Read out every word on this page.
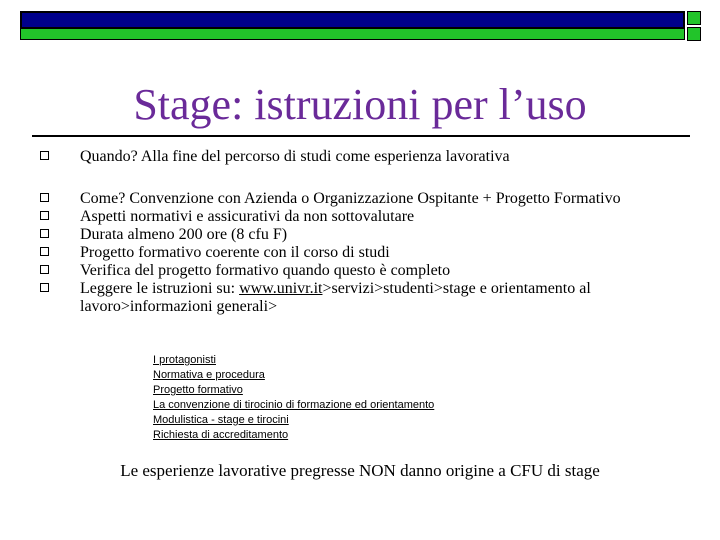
Stage: istruzioni per l’uso
Quando? Alla fine del percorso di studi come esperienza lavorativa
Come? Convenzione con Azienda o Organizzazione Ospitante + Progetto Formativo
Aspetti normativi e assicurativi da non sottovalutare
Durata almeno 200 ore (8 cfu F)
Progetto formativo coerente con il corso di studi
Verifica del progetto formativo quando questo è completo
Leggere le istruzioni su: www.univr.it>servizi>studenti>stage e orientamento al lavoro>informazioni generali>
I protagonisti
Normativa e procedura
Progetto formativo
La convenzione di tirocinio di formazione ed orientamento
Modulistica - stage e tirocini
Richiesta di accreditamento
Le esperienze lavorative pregresse NON danno origine a CFU di stage
